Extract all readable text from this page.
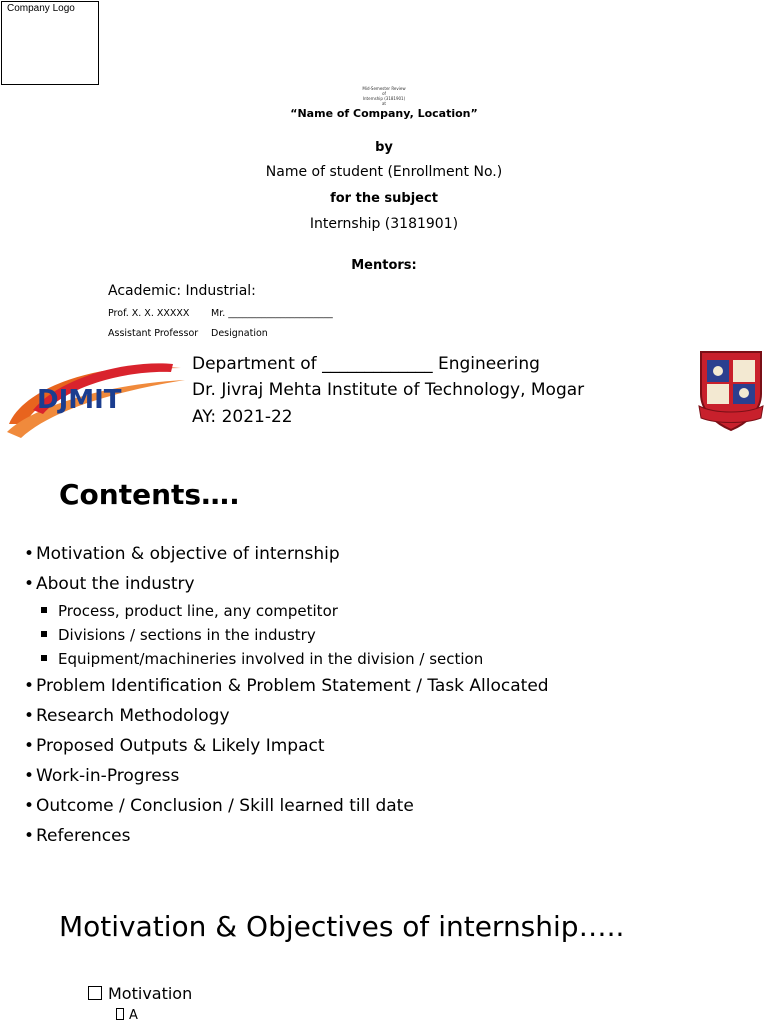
Company Logo
Mid-Semester Review
of
Internship (3181901)
at
“Name of Company, Location”
by
Name of student (Enrollment No.)
for the subject
Internship (3181901)
Mentors:
Academic: Industrial:
Prof. X. X. XXXXX Mr. ______________________
Assistant Professor Designation
DJMIT
Department of _____________ Engineering
Dr. Jivraj Mehta Institute of Technology, Mogar
AY: 2021-22
Contents….
• Motivation & objective of internship
• About the industry
Process, product line, any competitor
Divisions / sections in the industry
Equipment/machineries involved in the division / section
• Problem Identification & Problem Statement / Task Allocated
• Research Methodology
• Proposed Outputs & Likely Impact
• Work-in-Progress
• Outcome / Conclusion / Skill learned till date
• References
Motivation & Objectives of internship…..
Motivation
A
